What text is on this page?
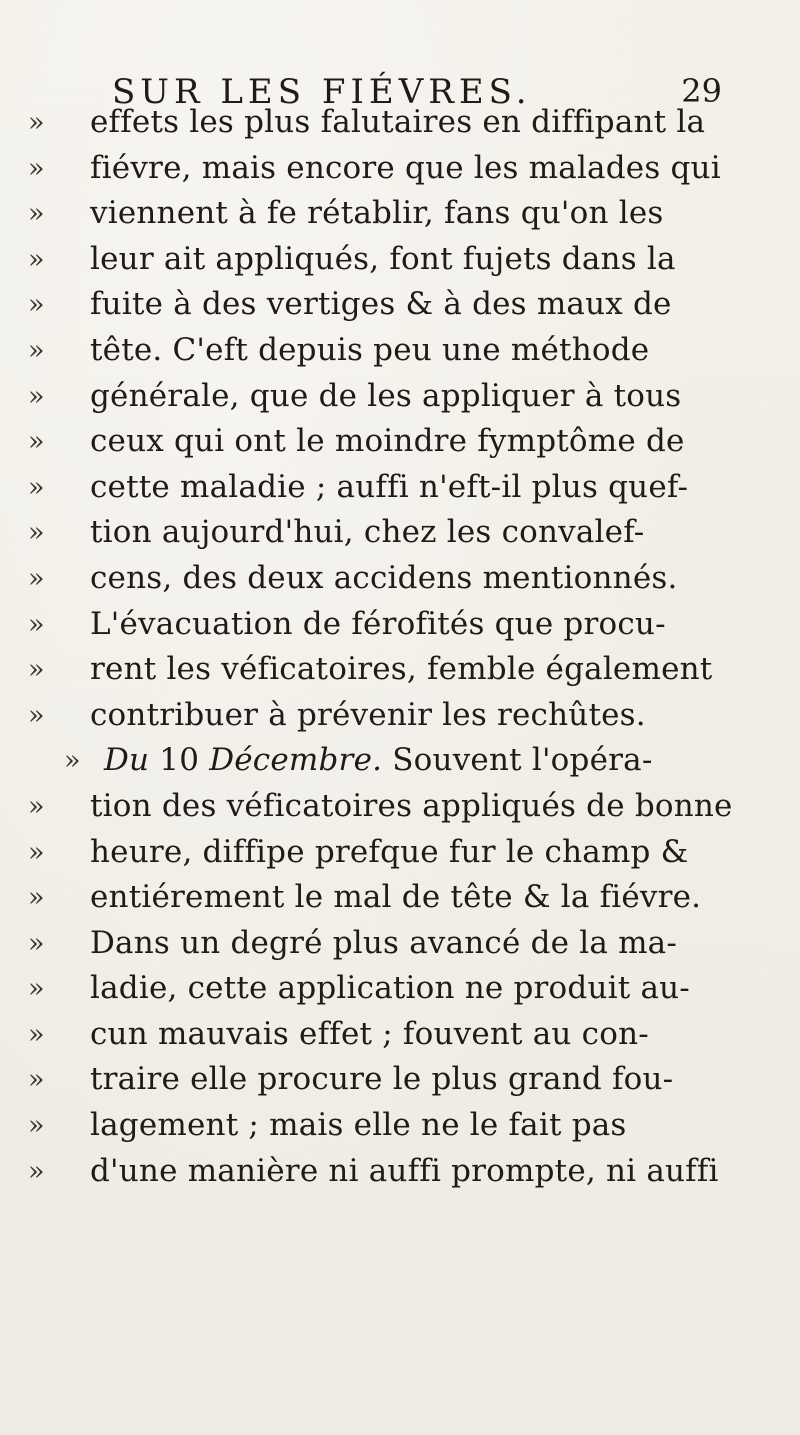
SUR LES FIÉVRES.	29
»	effets les plus falutaires en diffipant la
»	fiévre, mais encore que les malades qui
»	viennent à fe rétablir, fans qu'on les
»	leur ait appliqués, font fujets dans la
»	fuite à des vertiges & à des maux de
»	tête. C'eft depuis peu une méthode
»	générale, que de les appliquer à tous
»	ceux qui ont le moindre fymptôme de
»	cette maladie ; auffi n'eft-il plus quef-
»	tion aujourd'hui, chez les convalef-
»	cens, des deux accidens mentionnés.
»	L'évacuation de férofités que procu-
»	rent les véficatoires, femble également
»	contribuer à prévenir les rechûtes.
» Du 10 Décembre. Souvent l'opéra-
»	tion des véficatoires appliqués de bonne
»	heure, diffipe prefque fur le champ &
»	entiérement le mal de tête & la fiévre.
»	Dans un degré plus avancé de la ma-
»	ladie, cette application ne produit au-
»	cun mauvais effet ; fouvent au con-
»	traire elle procure le plus grand fou-
»	lagement ; mais elle ne le fait pas
»	d'une manière ni auffi prompte, ni auffi
